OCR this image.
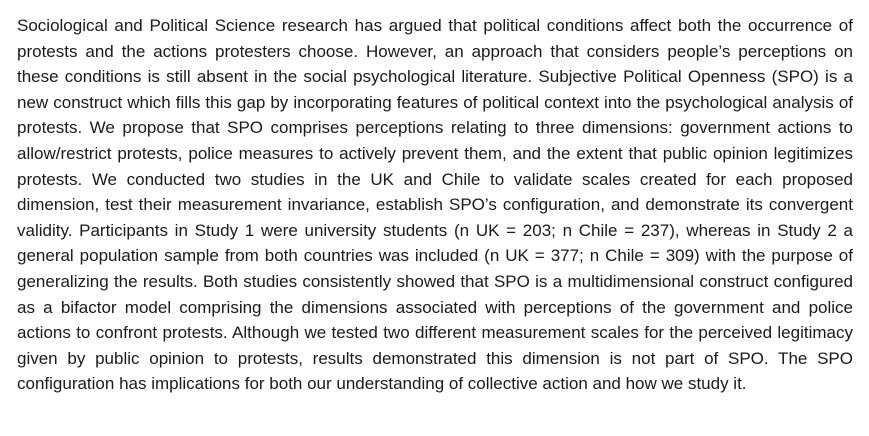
Sociological and Political Science research has argued that political conditions affect both the occurrence of protests and the actions protesters choose. However, an approach that considers people’s perceptions on these conditions is still absent in the social psychological literature. Subjective Political Openness (SPO) is a new construct which fills this gap by incorporating features of political context into the psychological analysis of protests. We propose that SPO comprises perceptions relating to three dimensions: government actions to allow/restrict protests, police measures to actively prevent them, and the extent that public opinion legitimizes protests. We conducted two studies in the UK and Chile to validate scales created for each proposed dimension, test their measurement invariance, establish SPO’s configuration, and demonstrate its convergent validity. Participants in Study 1 were university students (n UK = 203; n Chile = 237), whereas in Study 2 a general population sample from both countries was included (n UK = 377; n Chile = 309) with the purpose of generalizing the results. Both studies consistently showed that SPO is a multidimensional construct configured as a bifactor model comprising the dimensions associated with perceptions of the government and police actions to confront protests. Although we tested two different measurement scales for the perceived legitimacy given by public opinion to protests, results demonstrated this dimension is not part of SPO. The SPO configuration has implications for both our understanding of collective action and how we study it.
